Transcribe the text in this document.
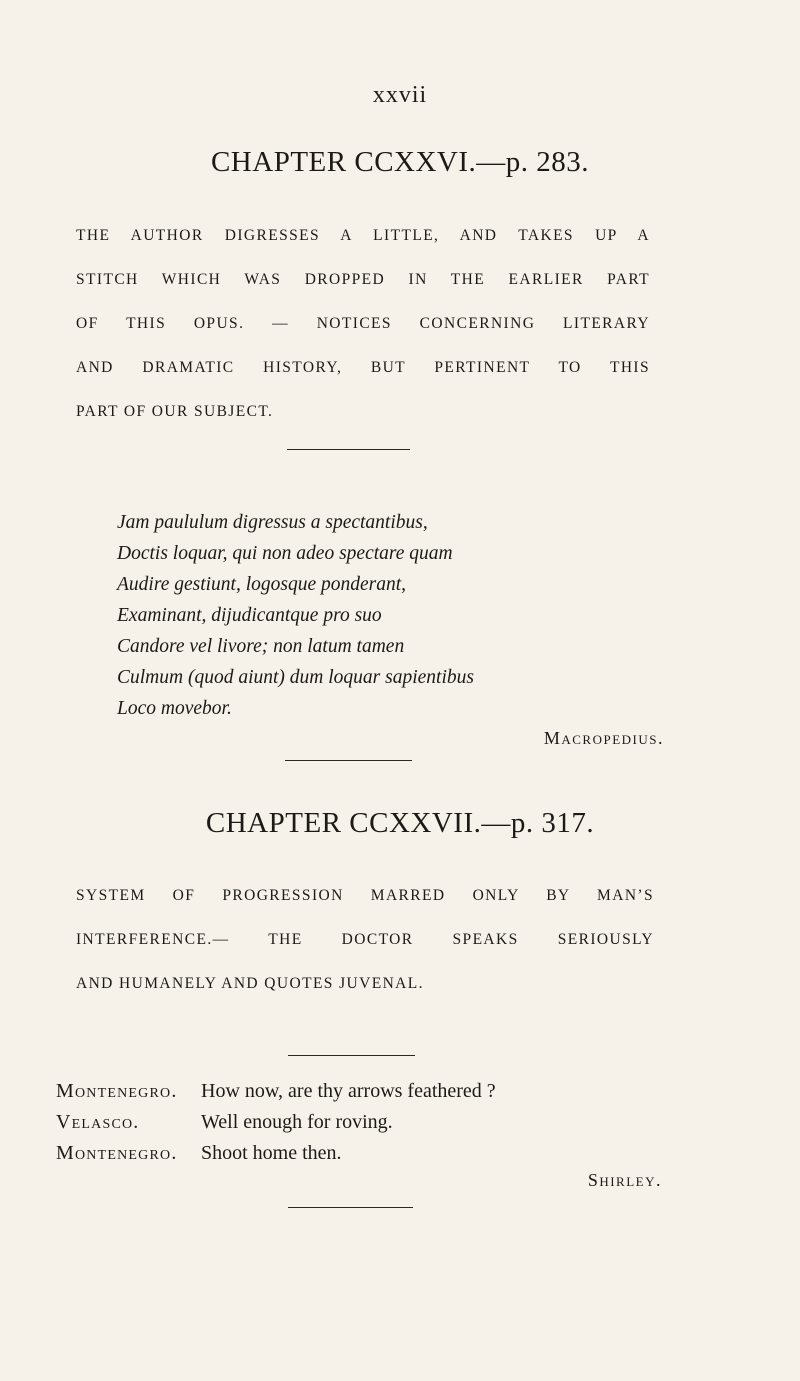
xxvii
CHAPTER CCXXVI.—p. 283.
THE AUTHOR DIGRESSES A LITTLE, AND TAKES UP A
STITCH WHICH WAS DROPPED IN THE EARLIER PART
OF THIS OPUS. — NOTICES CONCERNING LITERARY
AND DRAMATIC HISTORY, BUT PERTINENT TO THIS
PART OF OUR SUBJECT.
Jam paululum digressus a spectantibus,
Doctis loquar, qui non adeo spectare quam
Audire gestiunt, logosque ponderant,
Examinant, dijudicantque pro suo
Candore vel livore; non latum tamen
Culmum (quod aiunt) dum loquar sapientibus
Loco movebor.
Macropedius.
CHAPTER CCXXVII.—p. 317.
SYSTEM OF PROGRESSION MARRED ONLY BY MAN’S
INTERFERENCE.— THE DOCTOR SPEAKS SERIOUSLY
AND HUMANELY AND QUOTES JUVENAL.
Montenegro.	How now, are thy arrows feathered ?
Velasco.	Well enough for roving.
Montenegro.	Shoot home then.
Shirley.
